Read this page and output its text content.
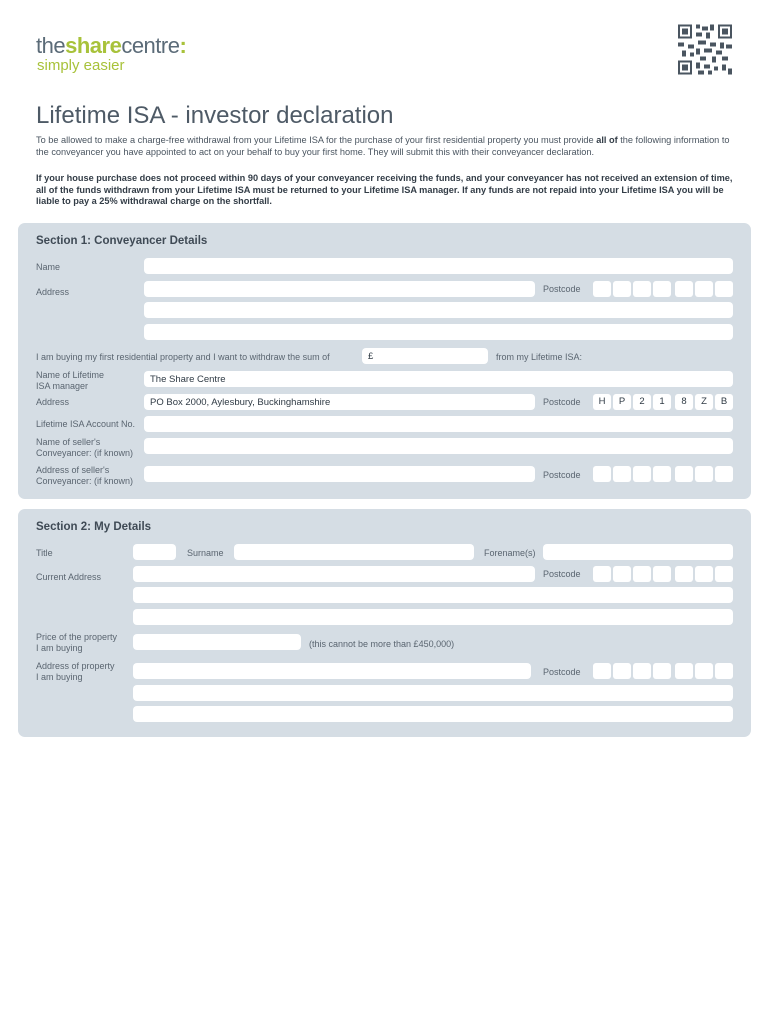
thesharecentre:
simply easier
Lifetime ISA - investor declaration
To be allowed to make a charge-free withdrawal from your Lifetime ISA for the purchase of your first residential property you must provide all of the following information to the conveyancer you have appointed to act on your behalf to buy your first home. They will submit this with their conveyancer declaration.
If your house purchase does not proceed within 90 days of your conveyancer receiving the funds, and your conveyancer has not received an extension of time, all of the funds withdrawn from your Lifetime ISA must be returned to your Lifetime ISA manager. If any funds are not repaid into your Lifetime ISA you will be liable to pay a 25% withdrawal charge on the shortfall.
Section 1: Conveyancer Details
Name
Address	Postcode
I am buying my first residential property and I want to withdraw the sum of	£	from my Lifetime ISA:
Name of Lifetime
ISA manager
The Share Centre
Address	PO Box 2000, Aylesbury, Buckinghamshire	Postcode	H	P	2	1	8	Z	B
Lifetime ISA Account No.
Name of seller's
Conveyancer: (if known)
Address of seller's
Conveyancer: (if known)
Postcode
Section 2: My Details
Title	Surname	Forename(s)
Current Address	Postcode
Price of the property
I am buying	(this cannot be more than £450,000)
Address of property
I am buying	Postcode
